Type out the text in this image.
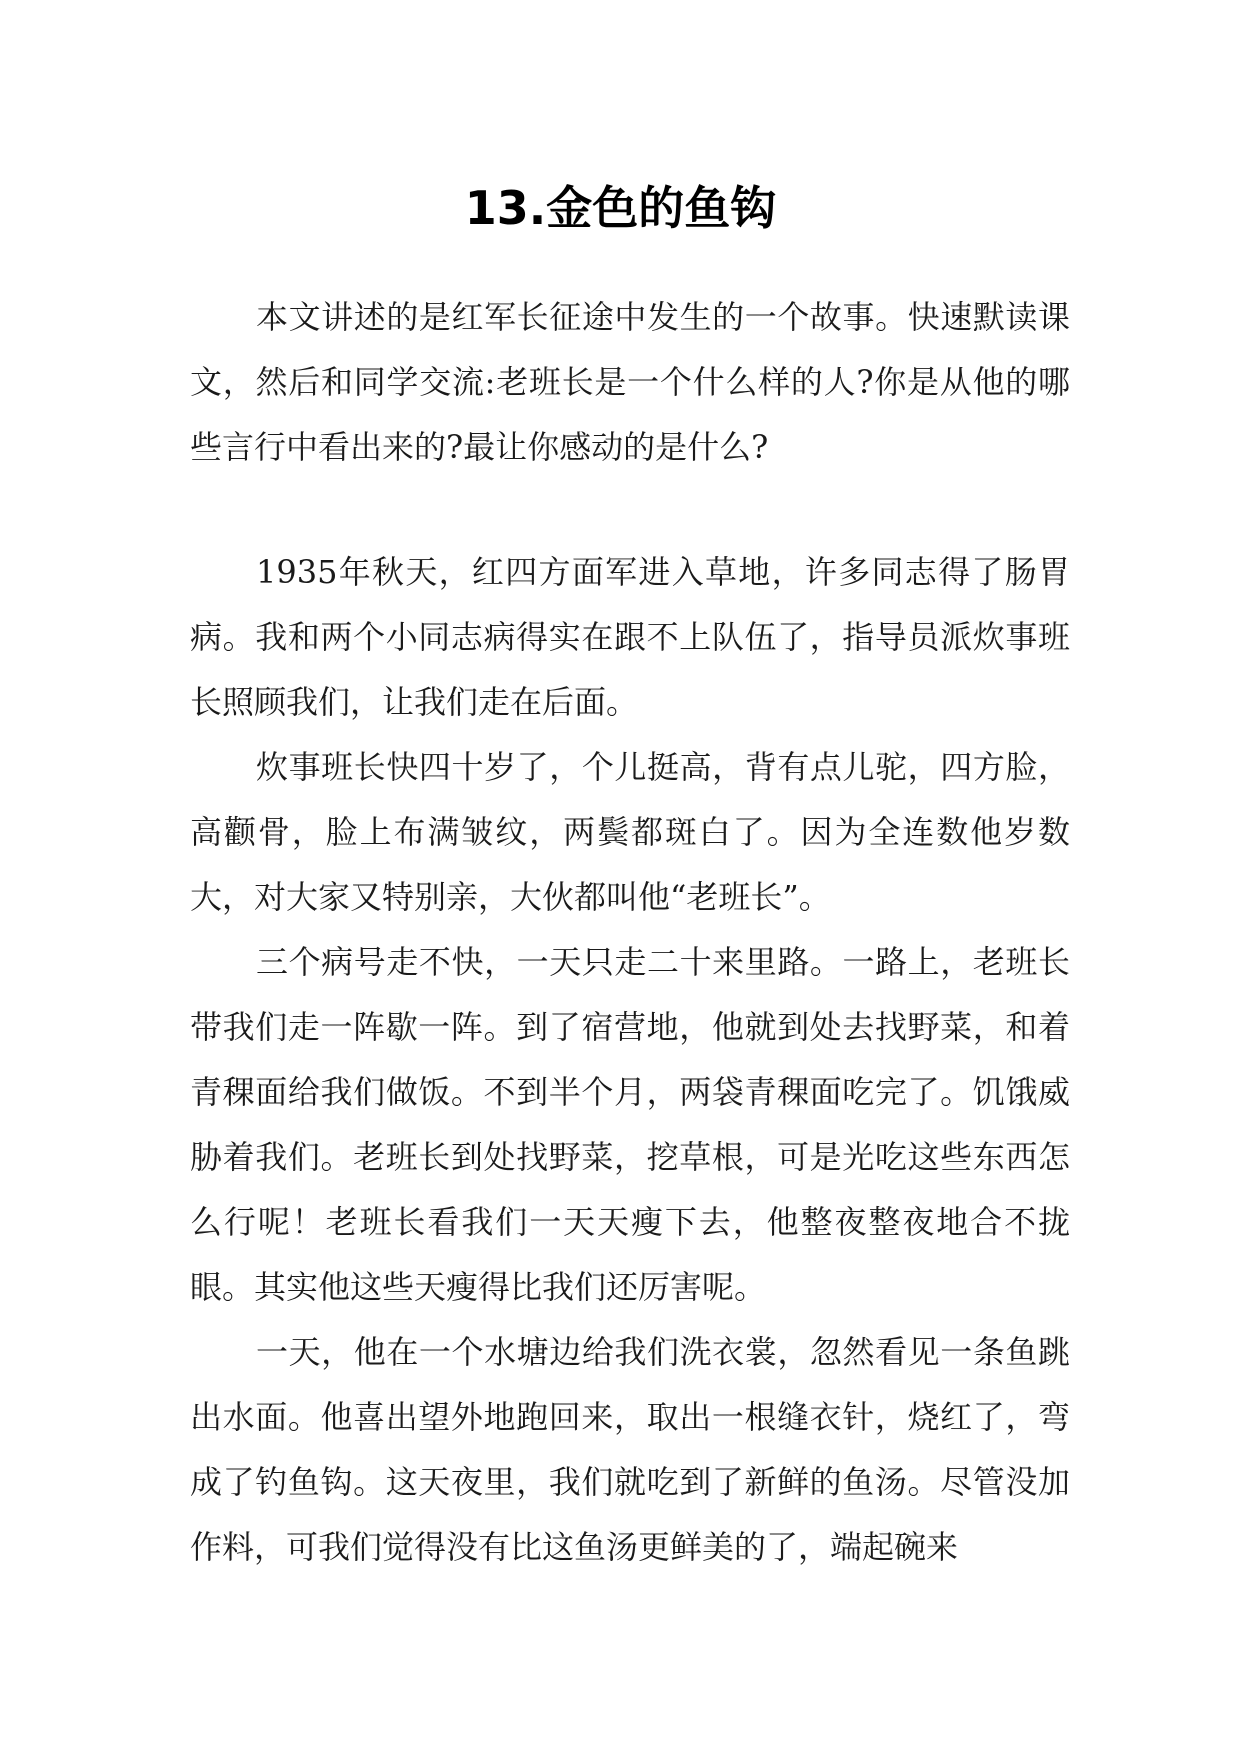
13.金色的鱼钩

本文讲述的是红军长征途中发生的一个故事。快速默读课文，然后和同学交流:老班长是一个什么样的人?你是从他的哪些言行中看出来的?最让你感动的是什么?

1935年秋天，红四方面军进入草地，许多同志得了肠胃病。我和两个小同志病得实在跟不上队伍了，指导员派炊事班长照顾我们，让我们走在后面。

炊事班长快四十岁了，个儿挺高，背有点儿驼，四方脸，高颧骨，脸上布满皱纹，两鬓都斑白了。因为全连数他岁数大，对大家又特别亲，大伙都叫他“老班长”。

三个病号走不快，一天只走二十来里路。一路上，老班长带我们走一阵歇一阵。到了宿营地，他就到处去找野菜，和着青稞面给我们做饭。不到半个月，两袋青稞面吃完了。饥饿威胁着我们。老班长到处找野菜，挖草根，可是光吃这些东西怎么行呢！老班长看我们一天天瘦下去，他整夜整夜地合不拢眼。其实他这些天瘦得比我们还厉害呢。

一天，他在一个水塘边给我们洗衣裳，忽然看见一条鱼跳出水面。他喜出望外地跑回来，取出一根缝衣针，烧红了，弯成了钓鱼钩。这天夜里，我们就吃到了新鲜的鱼汤。尽管没加作料，可我们觉得没有比这鱼汤更鲜美的了，端起碗来
